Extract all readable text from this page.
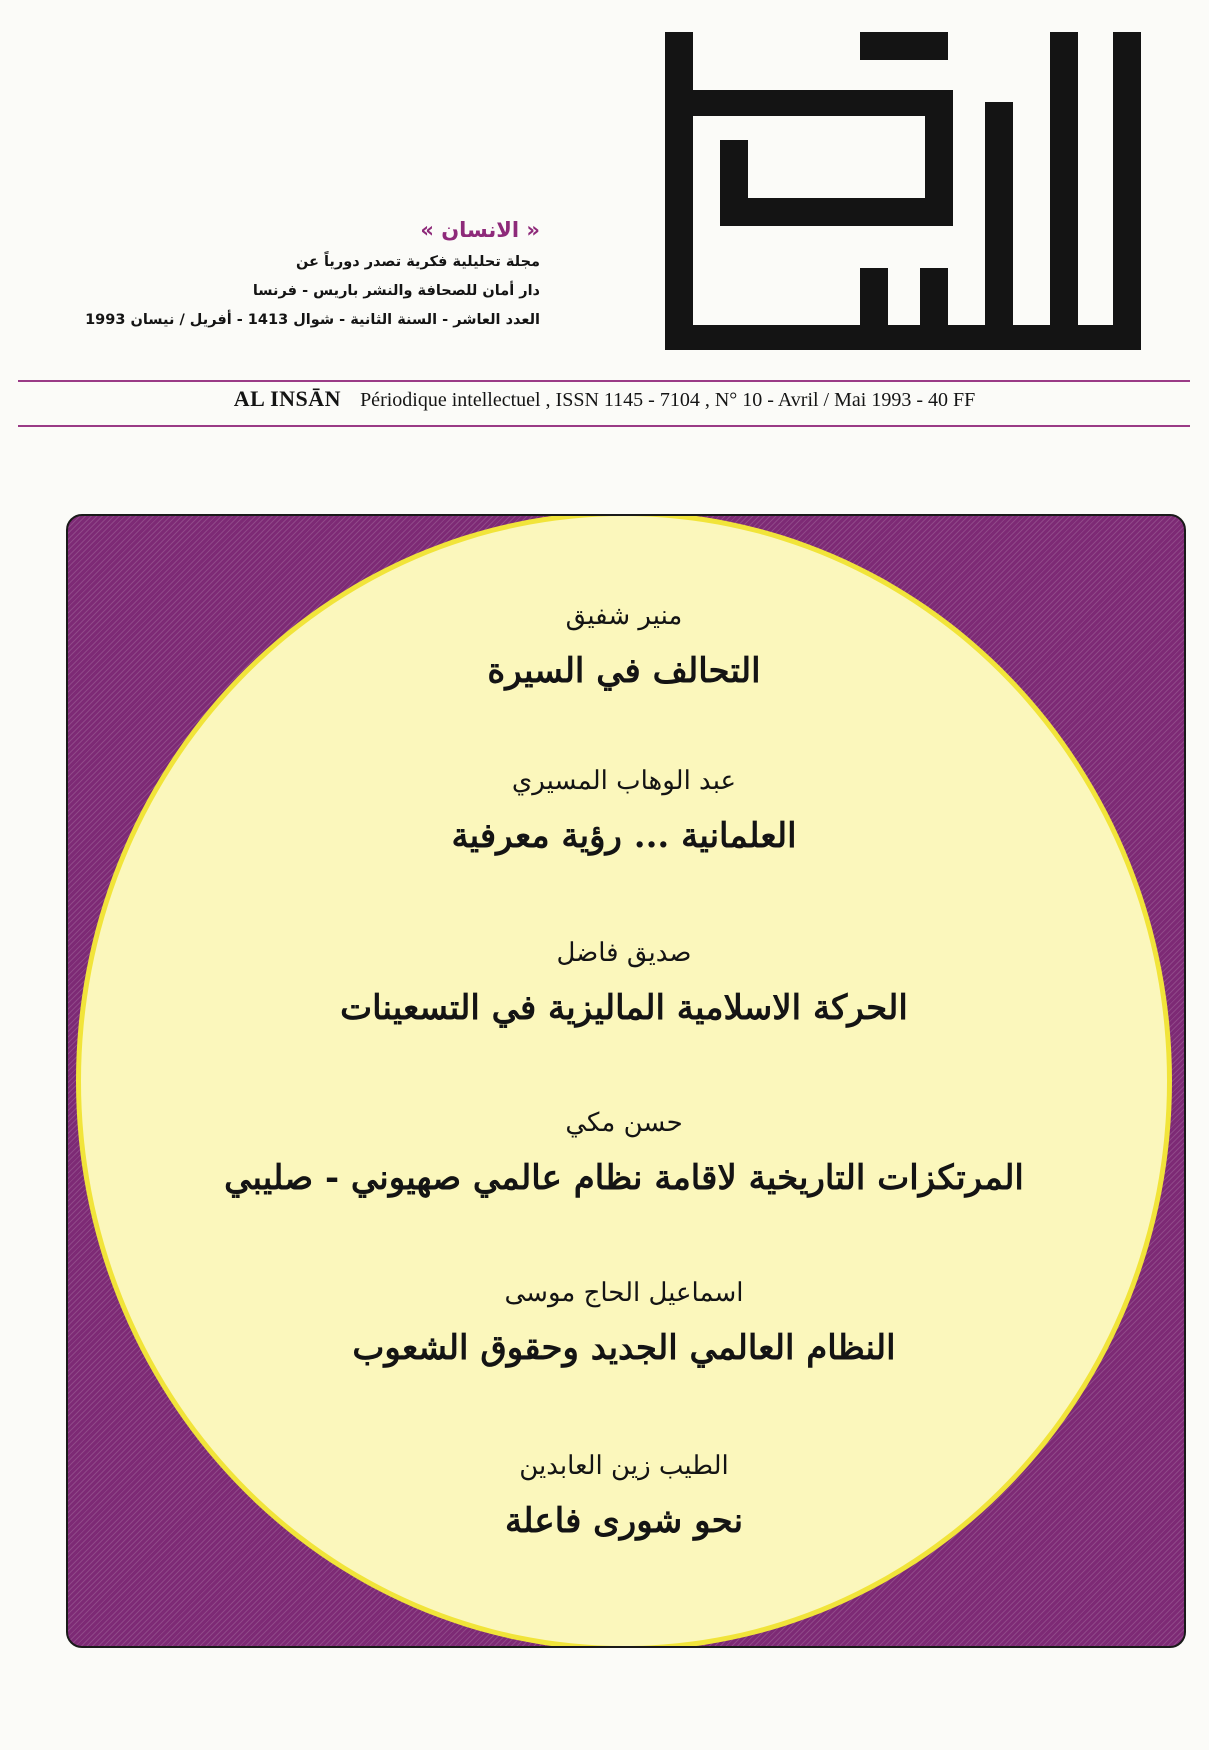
الانسان
« الانسان »
مجلة تحليلية فكرية تصدر دورياً عن
دار أمان للصحافة والنشر باريس - فرنسا
العدد العاشر - السنة الثانية - شوال 1413 - أفريل / نيسان 1993
AL INSĀN Périodique intellectuel , ISSN 1145 - 7104 , N° 10 - Avril / Mai 1993 - 40 FF
منير شفيق
التحالف في السيرة
عبد الوهاب المسيري
العلمانية ... رؤية معرفية
صديق فاضل
الحركة الاسلامية الماليزية في التسعينات
حسن مكي
المرتكزات التاريخية لاقامة نظام عالمي صهيوني - صليبي
اسماعيل الحاج موسى
النظام العالمي الجديد وحقوق الشعوب
الطيب زين العابدين
نحو شورى فاعلة
